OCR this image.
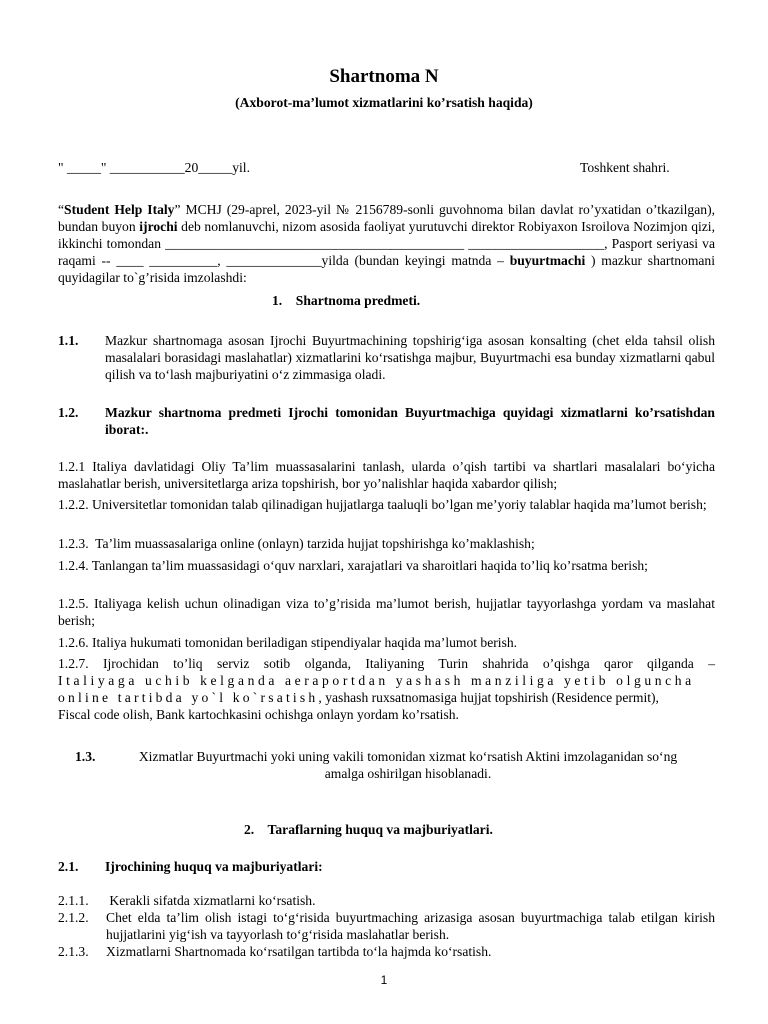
Shartnoma N
(Axborot-ma’lumot xizmatlarini ko’rsatish haqida)
" _____" ___________20_____yil.	Toshkent shahri.
“Student Help Italy” MCHJ (29-aprel, 2023-yil № 2156789-sonli guvohnoma bilan davlat ro’yxatidan o’tkazilgan), bundan buyon ijrochi deb nomlanuvchi, nizom asosida faoliyat yurutuvchi direktor Robiyaxon Isroilova Nozimjon qizi, ikkinchi tomondan ____________________________________________ ____________________, Pasport seriyasi va raqami -- ____ __________, ______________yilda (bundan keyingi matnda – buyurtmachi ) mazkur shartnomani quyidagilar to`g’risida imzolashdi:
1.    Shartnoma predmeti.
1.1. Mazkur shartnomaga asosan Ijrochi Buyurtmachining topshirig‘iga asosan konsalting (chet elda tahsil olish masalalari borasidagi maslahatlar) xizmatlarini ko‘rsatishga majbur, Buyurtmachi esa bunday xizmatlarni qabul qilish va to‘lash majburiyatini o‘z zimmasiga oladi.
1.2. Mazkur shartnoma predmeti Ijrochi tomonidan Buyurtmachiga quyidagi xizmatlarni ko’rsatishdan iborat:.
1.2.1 Italiya davlatidagi Oliy Ta’lim muassasalarini tanlash, ularda o’qish tartibi va shartlari masalalari bo‘yicha maslahatlar berish, universitetlarga ariza topshirish, bor yo’nalishlar haqida xabardor qilish;
1.2.2. Universitetlar tomonidan talab qilinadigan hujjatlarga taaluqli bo’lgan me’yoriy talablar haqida ma’lumot berish;
1.2.3.  Ta’lim muassasalariga online (onlayn) tarzida hujjat topshirishga ko’maklashish;
1.2.4. Tanlangan ta’lim muassasidagi o‘quv narxlari, xarajatlari va sharoitlari haqida to’liq ko’rsatma berish;
1.2.5. Italiyaga kelish uchun olinadigan viza to’g’risida ma’lumot berish, hujjatlar tayyorlashga yordam va maslahat berish;
1.2.6. Italiya hukumati tomonidan beriladigan stipendiyalar haqida ma’lumot berish.
1.2.7. Ijrochidan to’liq serviz sotib olganda, Italiyaning Turin shahrida o’qishga qaror qilganda –
Italiyaga uchib kelganda aeraportdan yashash manziliga yetib olguncha
online tartibda yo`l ko`rsatish, yashash ruxsatnomasiga hujjat topshirish (Residence permit),
Fiscal code olish, Bank kartochkasini ochishga onlayn yordam ko’rsatish.
1.3.	Xizmatlar Buyurtmachi yoki uning vakili tomonidan xizmat ko‘rsatish Aktini imzolaganidan so‘ng amalga oshirilgan hisoblanadi.
2.    Taraflarning huquq va majburiyatlari.
2.1. Ijrochining huquq va majburiyatlari:
2.1.1. Kerakli sifatda xizmatlarni ko‘rsatish.
2.1.2. Chet elda ta’lim olish istagi to‘g‘risida buyurtmaching arizasiga asosan buyurtmachiga talab etilgan kirish hujjatlarini yig‘ish va tayyorlash to‘g‘risida maslahatlar berish.
2.1.3. Xizmatlarni Shartnomada ko‘rsatilgan tartibda to‘la hajmda ko‘rsatish.
1
